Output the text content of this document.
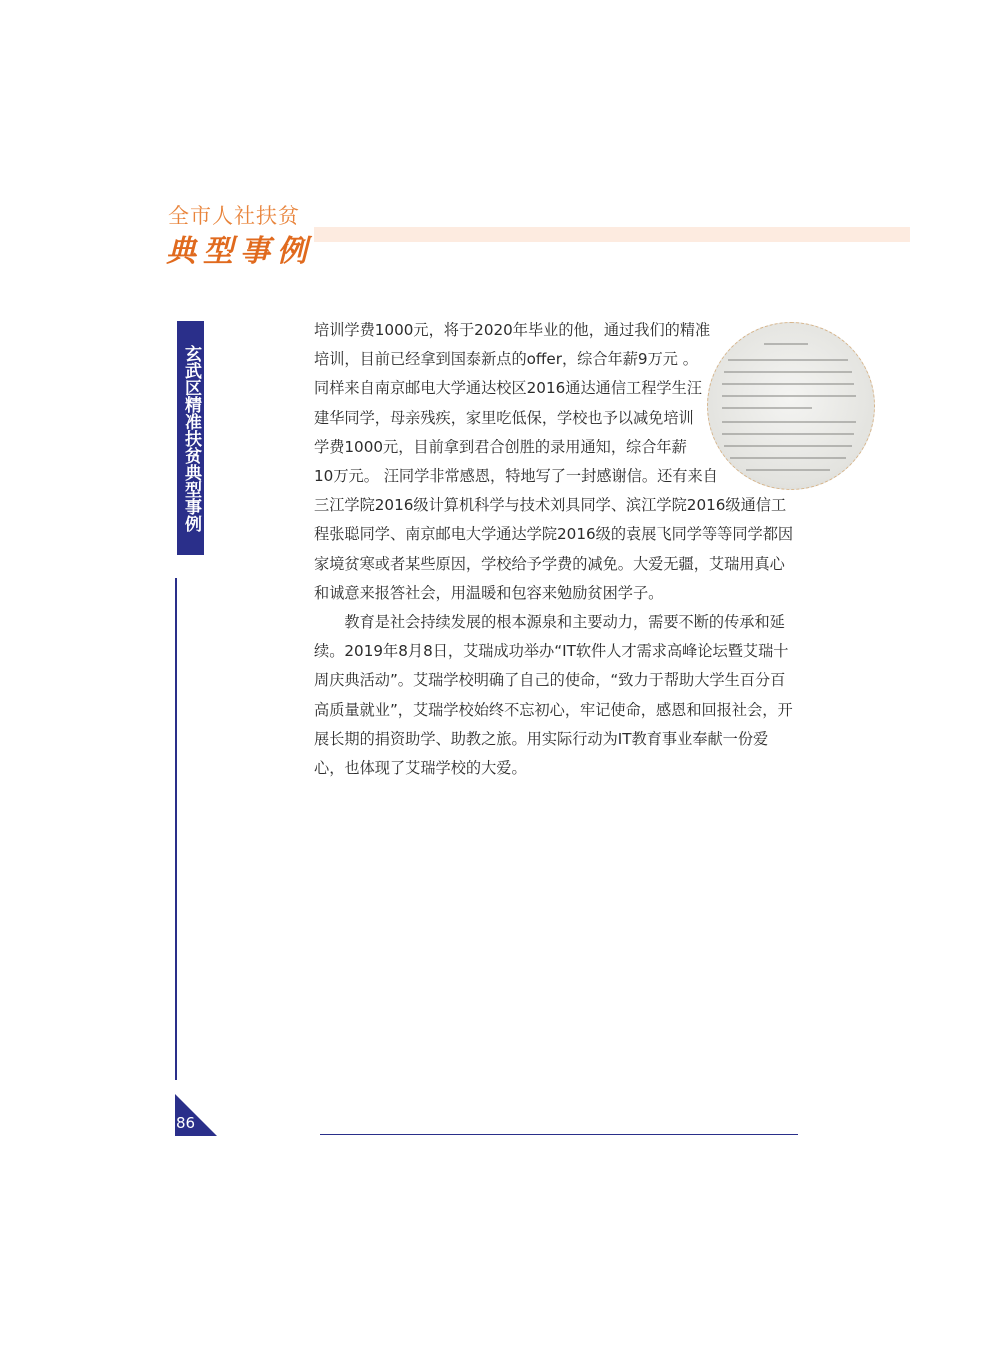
全市人社扶贫
典型事例
玄武区精准扶贫典型事例

培训学费1000元，将于2020年毕业的他，通过我们的精准培训，目前已经拿到国泰新点的offer，综合年薪9万元 。同样来自南京邮电大学通达校区2016通达通信工程学生汪建华同学，母亲残疾，家里吃低保，学校也予以减免培训学费1000元，目前拿到君合创胜的录用通知，综合年薪10万元。 汪同学非常感恩，特地写了一封感谢信。还有来自三江学院2016级计算机科学与技术刘具同学、滨江学院2016级通信工程张聪同学、南京邮电大学通达学院2016级的袁展飞同学等等同学都因家境贫寒或者某些原因，学校给予学费的减免。大爱无疆，艾瑞用真心和诚意来报答社会，用温暖和包容来勉励贫困学子。

教育是社会持续发展的根本源泉和主要动力，需要不断的传承和延续。2019年8月8日，艾瑞成功举办“IT软件人才需求高峰论坛暨艾瑞十周庆典活动”。艾瑞学校明确了自己的使命，“致力于帮助大学生百分百高质量就业”，艾瑞学校始终不忘初心，牢记使命，感恩和回报社会，开展长期的捐资助学、助教之旅。用实际行动为IT教育事业奉献一份爱心，也体现了艾瑞学校的大爱。

86
